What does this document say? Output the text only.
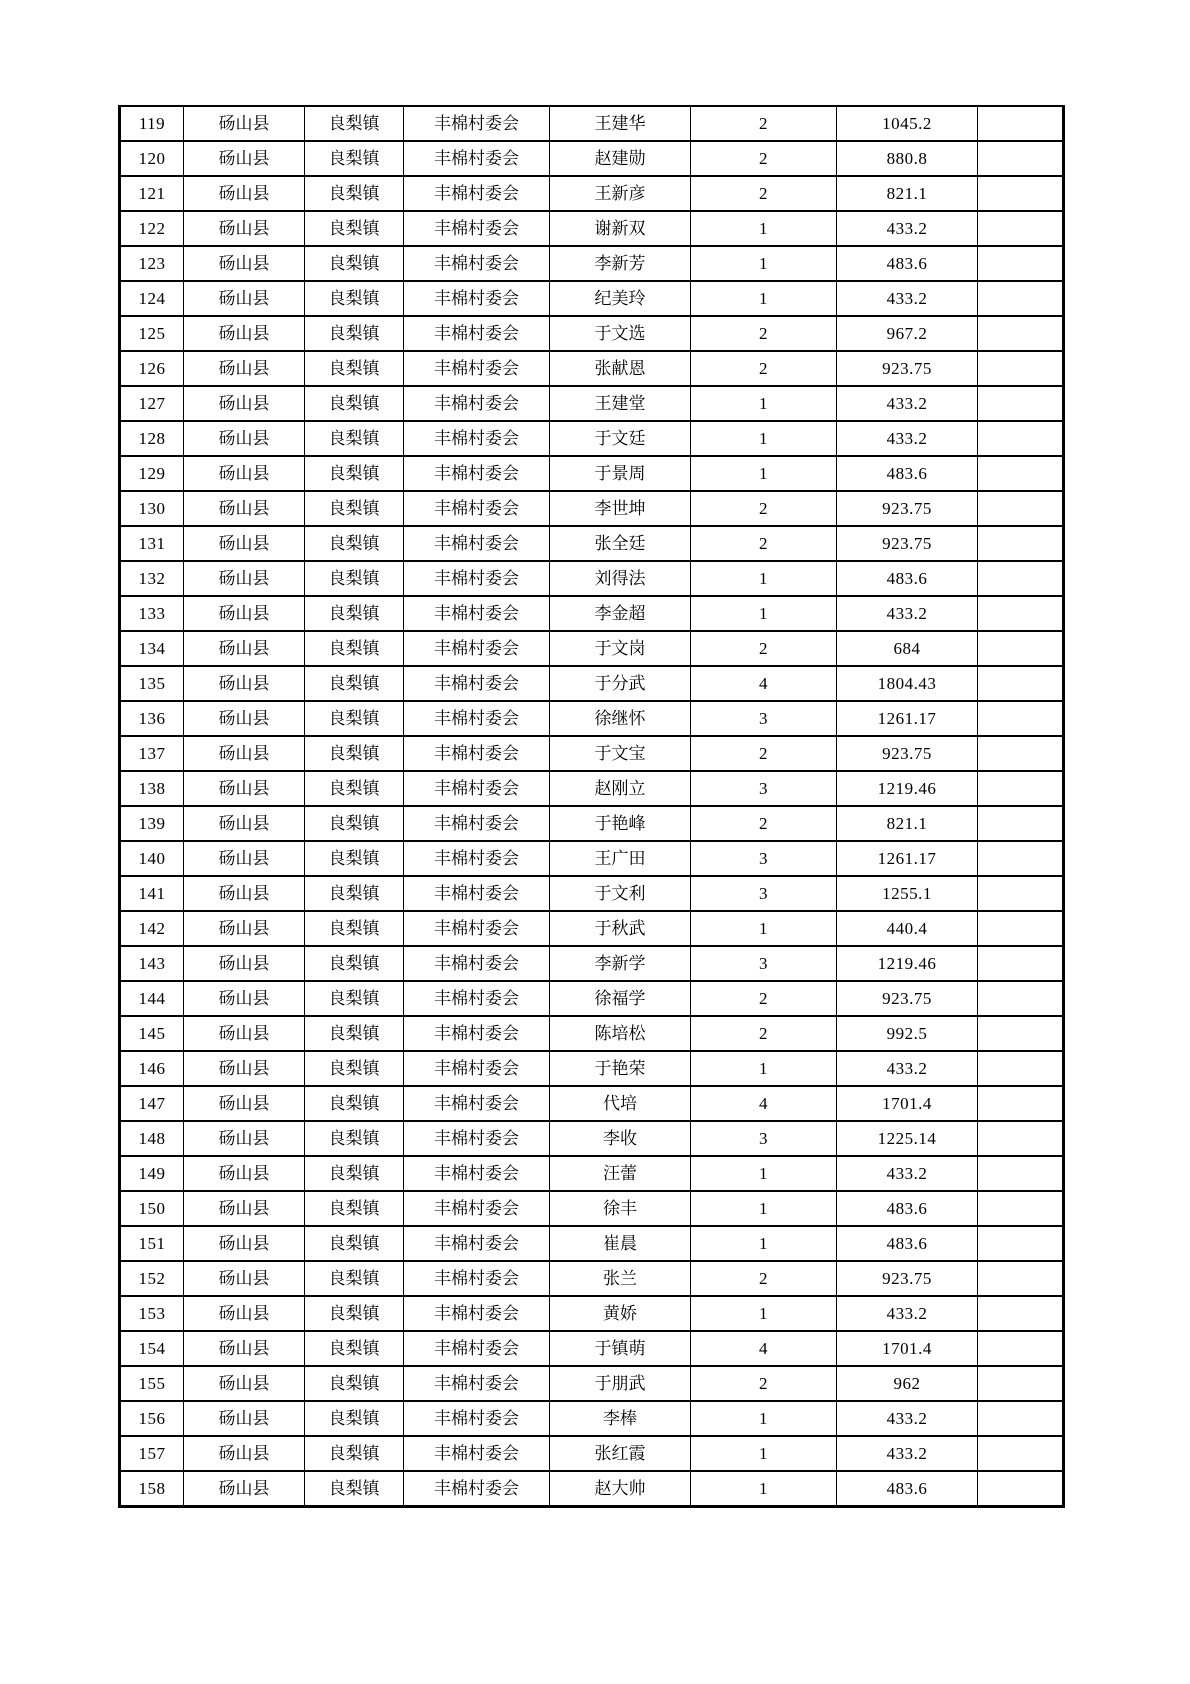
119	砀山县	良梨镇	丰棉村委会	王建华	2	1045.2	
120	砀山县	良梨镇	丰棉村委会	赵建勋	2	880.8	
121	砀山县	良梨镇	丰棉村委会	王新彦	2	821.1	
122	砀山县	良梨镇	丰棉村委会	谢新双	1	433.2	
123	砀山县	良梨镇	丰棉村委会	李新芳	1	483.6	
124	砀山县	良梨镇	丰棉村委会	纪美玲	1	433.2	
125	砀山县	良梨镇	丰棉村委会	于文选	2	967.2	
126	砀山县	良梨镇	丰棉村委会	张献恩	2	923.75	
127	砀山县	良梨镇	丰棉村委会	王建堂	1	433.2	
128	砀山县	良梨镇	丰棉村委会	于文廷	1	433.2	
129	砀山县	良梨镇	丰棉村委会	于景周	1	483.6	
130	砀山县	良梨镇	丰棉村委会	李世坤	2	923.75	
131	砀山县	良梨镇	丰棉村委会	张全廷	2	923.75	
132	砀山县	良梨镇	丰棉村委会	刘得法	1	483.6	
133	砀山县	良梨镇	丰棉村委会	李金超	1	433.2	
134	砀山县	良梨镇	丰棉村委会	于文岗	2	684	
135	砀山县	良梨镇	丰棉村委会	于分武	4	1804.43	
136	砀山县	良梨镇	丰棉村委会	徐继怀	3	1261.17	
137	砀山县	良梨镇	丰棉村委会	于文宝	2	923.75	
138	砀山县	良梨镇	丰棉村委会	赵刚立	3	1219.46	
139	砀山县	良梨镇	丰棉村委会	于艳峰	2	821.1	
140	砀山县	良梨镇	丰棉村委会	王广田	3	1261.17	
141	砀山县	良梨镇	丰棉村委会	于文利	3	1255.1	
142	砀山县	良梨镇	丰棉村委会	于秋武	1	440.4	
143	砀山县	良梨镇	丰棉村委会	李新学	3	1219.46	
144	砀山县	良梨镇	丰棉村委会	徐福学	2	923.75	
145	砀山县	良梨镇	丰棉村委会	陈培松	2	992.5	
146	砀山县	良梨镇	丰棉村委会	于艳荣	1	433.2	
147	砀山县	良梨镇	丰棉村委会	代培	4	1701.4	
148	砀山县	良梨镇	丰棉村委会	李收	3	1225.14	
149	砀山县	良梨镇	丰棉村委会	汪蕾	1	433.2	
150	砀山县	良梨镇	丰棉村委会	徐丰	1	483.6	
151	砀山县	良梨镇	丰棉村委会	崔晨	1	483.6	
152	砀山县	良梨镇	丰棉村委会	张兰	2	923.75	
153	砀山县	良梨镇	丰棉村委会	黄娇	1	433.2	
154	砀山县	良梨镇	丰棉村委会	于镇萌	4	1701.4	
155	砀山县	良梨镇	丰棉村委会	于朋武	2	962	
156	砀山县	良梨镇	丰棉村委会	李棒	1	433.2	
157	砀山县	良梨镇	丰棉村委会	张红霞	1	433.2	
158	砀山县	良梨镇	丰棉村委会	赵大帅	1	483.6	
